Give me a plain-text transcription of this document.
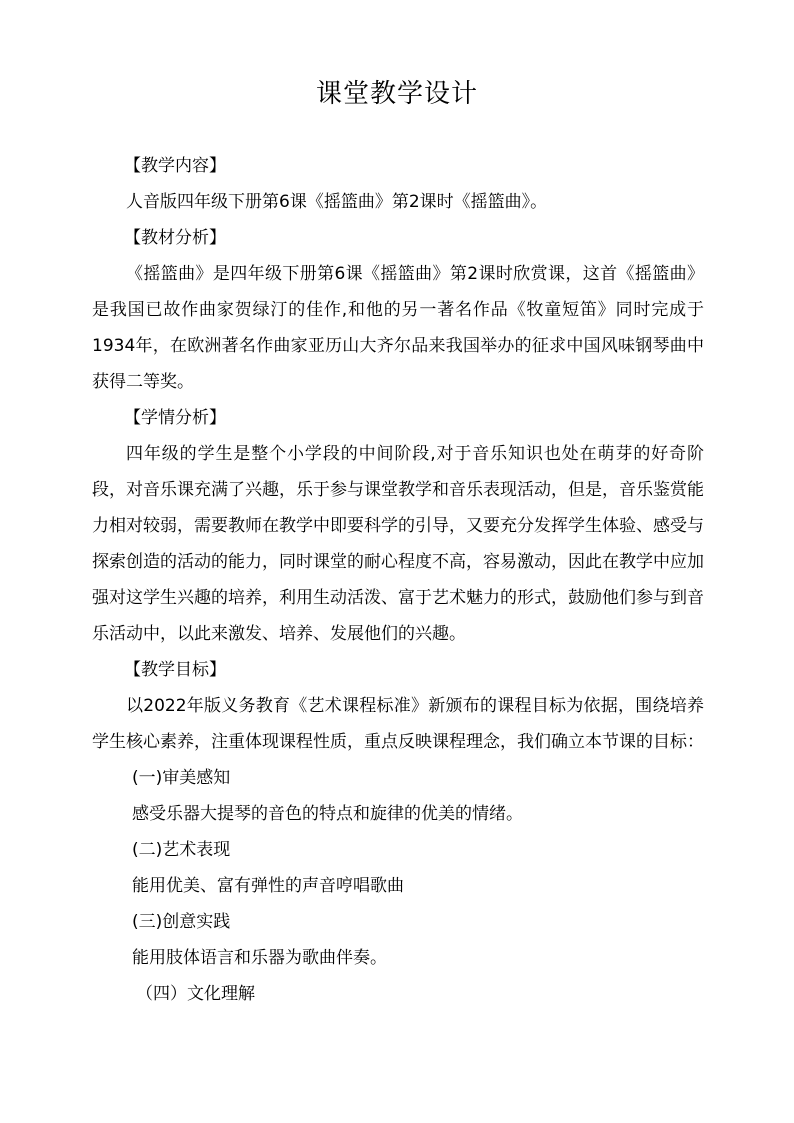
课堂教学设计

【教学内容】

人音版四年级下册第6课《摇篮曲》第2课时《摇篮曲》。

【教材分析】

《摇篮曲》是四年级下册第6课《摇篮曲》第2课时欣赏课，这首《摇篮曲》是我国已故作曲家贺绿汀的佳作,和他的另一著名作品《牧童短笛》同时完成于1934年，在欧洲著名作曲家亚历山大齐尔品来我国举办的征求中国风味钢琴曲中获得二等奖。

【学情分析】

四年级的学生是整个小学段的中间阶段,对于音乐知识也处在萌芽的好奇阶段，对音乐课充满了兴趣，乐于参与课堂教学和音乐表现活动，但是，音乐鉴赏能力相对较弱，需要教师在教学中即要科学的引导，又要充分发挥学生体验、感受与探索创造的活动的能力，同时课堂的耐心程度不高，容易激动，因此在教学中应加强对这学生兴趣的培养，利用生动活泼、富于艺术魅力的形式，鼓励他们参与到音乐活动中，以此来激发、培养、发展他们的兴趣。

【教学目标】

以2022年版义务教育《艺术课程标准》新颁布的课程目标为依据，围绕培养学生核心素养，注重体现课程性质，重点反映课程理念，我们确立本节课的目标：

(一)审美感知

感受乐器大提琴的音色的特点和旋律的优美的情绪。

(二)艺术表现

能用优美、富有弹性的声音哼唱歌曲

(三)创意实践

能用肢体语言和乐器为歌曲伴奏。

（四）文化理解
